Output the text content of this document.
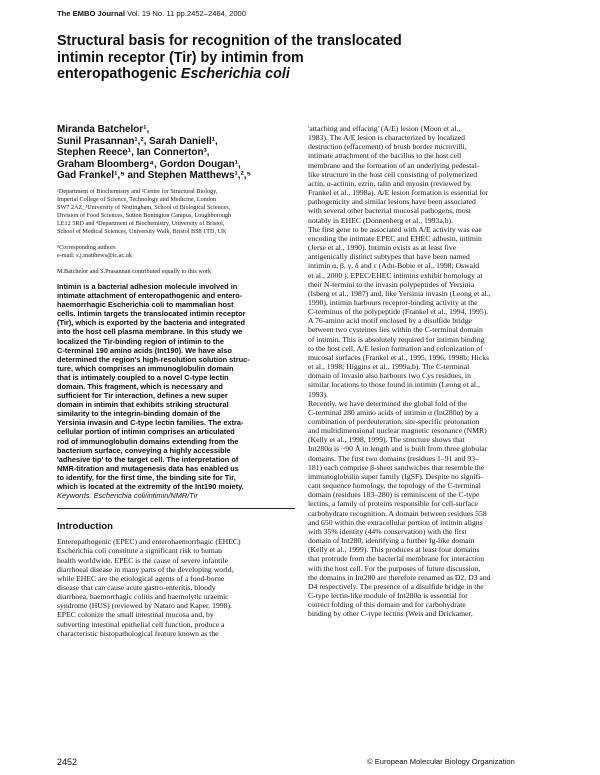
The EMBO Journal Vol. 19 No. 11 pp.2452–2464, 2000

Structural basis for recognition of the translocated

intimin receptor (Tir) by intimin from

enteropathogenic Escherichia coli

Miranda Batchelor¹,

Sunil Prasannan¹,², Sarah Daniell¹,

Stephen Reece¹, Ian Connerton³,

Graham Bloomberg⁴, Gordon Dougan¹,

Gad Frankel¹,⁵ and Stephen Matthews¹,²,⁵

¹Department of Biochemistry and ²Centre for Structural Biology,

Imperial College of Science, Technology and Medicine, London

SW7 2AZ, ³University of Nottingham, School of Biological Sciences,

Division of Food Sciences, Sutton Bonington Campus, Loughborough

LE12 5RD and ⁴Department of Biochemistry, University of Bristol,

School of Medical Sciences, University Walk, Bristol BS8 1TD, UK

⁵Corresponding authors

e-mail: s.j.matthews@ic.ac.uk

M.Batchelor and S.Prasannan contributed equally to this work

Intimin is a bacterial adhesion molecule involved in

intimate attachment of enteropathogenic and entero-

haemorrhagic Escherichia coli to mammalian host

cells. Intimin targets the translocated intimin receptor

(Tir), which is exported by the bacteria and integrated

into the host cell plasma membrane. In this study we

localized the Tir-binding region of intimin to the

C-terminal 190 amino acids (Int190). We have also

determined the region's high-resolution solution struc-

ture, which comprises an immunoglobulin domain

that is intimately coupled to a novel C-type lectin

domain. This fragment, which is necessary and

sufficient for Tir interaction, defines a new super

domain in intimin that exhibits striking structural

similarity to the integrin-binding domain of the

Yersinia invasin and C-type lectin families. The extra-

cellular portion of intimin comprises an articulated

rod of immunoglobulin domains extending from the

bacterium surface, conveying a highly accessible

'adhesive tip' to the target cell. The interpretation of

NMR-titration and mutagenesis data has enabled us

to identify, for the first time, the binding site for Tir,

which is located at the extremity of the Int190 moiety.

Keywords: Escherichia coli/intimin/NMR/Tir

Introduction

Enteropathogenic (EPEC) and enterohaemorrhagic (EHEC)

Escherichia coli constitute a significant risk to human

health worldwide. EPEC is the cause of severe infantile

diarrhoeal disease in many parts of the developing world,

while EHEC are the etiological agents of a food-borne

disease that can cause acute gastro-enteritis, bloody

diarrhoea, haemorrhagic colitis and haemolytic uraemic

syndrome (HUS) (reviewed by Nataro and Kaper, 1998).

EPEC colonize the small intestinal mucosa and, by

subverting intestinal epithelial cell function, produce a

characteristic histopathological feature known as the

'attaching and effacing' (A/E) lesion (Moon et al.,

1983). The A/E lesion is characterized by localized

destruction (effacement) of brush border microvilli,

intimate attachment of the bacillus to the host cell

membrane and the formation of an underlying pedestal-

like structure in the host cell consisting of polymerized

actin, α-actinin, ezrin, talin and myosin (reviewed by

Frankel et al., 1998a). A/E lesion formation is essential for

pathogenicity and similar lesions have been associated

with several other bacterial mucosal pathogens, most

notably in EHEC (Donnenberg et al., 1993a,b).

The first gene to be associated with A/E activity was eae

encoding the intimate EPEC and EHEC adhesin, intimin

(Jerse et al., 1990). Intimin exists as at least five

antigenically distinct subtypes that have been named

intimin α, β, γ, δ and ε (Adu-Bobie et al., 1998; Oswald

et al., 2000 ). EPEC/EHEC intimins exhibit homology at

their N-termini to the invasin polypeptides of Yersinia

(Isberg et al., 1987) and, like Yersinia invasin (Leong et al.,

1990), intimin harbours receptor-binding activity at the

C-terminus of the polypeptide (Frankel et al., 1994, 1995).

A 76-amino acid motif enclosed by a disulfide bridge

between two cysteines lies within the C-terminal domain

of intimin. This is absolutely required for intimin binding

to the host cell, A/E lesion formation and colonization of

mucosal surfaces (Frankel et al., 1995, 1996, 1998b; Hicks

et al., 1998; Higgins et al., 1999a,b). The C-terminal

domain of invasin also harbours two Cys residues, in

similar locations to those found in intimin (Leong et al.,

1993).

Recently, we have determined the global fold of the

C-terminal 280 amino acids of intimin α (Int280α) by a

combination of perdeuteration, site-specific protonation

and multidimensional nuclear magnetic resonance (NMR)

(Kelly et al., 1998, 1999). The structure shows that

Int280α is ~90 Å in length and is built from three globular

domains. The first two domains (residues 1–91 and 93–

181) each comprise β-sheet sandwiches that resemble the

immunoglobulin super family (IgSF). Despite no signifi-

cant sequence homology, the topology of the C-terminal

domain (residues 183–280) is reminiscent of the C-type

lectins, a family of proteins responsible for cell-surface

carbohydrate recognition. A domain between residues 558

and 650 within the extracellular portion of intimin aligns

with 35% identity (44% conservation) with the first

domain of Int280, identifying a further Ig-like domain

(Kelly et al., 1999). This produces at least four domains

that protrude from the bacterial membrane for interaction

with the host cell. For the purposes of future discussion,

the domains in Int280 are therefore renamed as D2, D3 and

D4 respectively. The presence of a disulfide bridge in the

C-type lectin-like module of Int280α is essential for

correct folding of this domain and for carbohydrate

binding by other C-type lectins (Weis and Drickamer,

2452	© European Molecular Biology Organization
